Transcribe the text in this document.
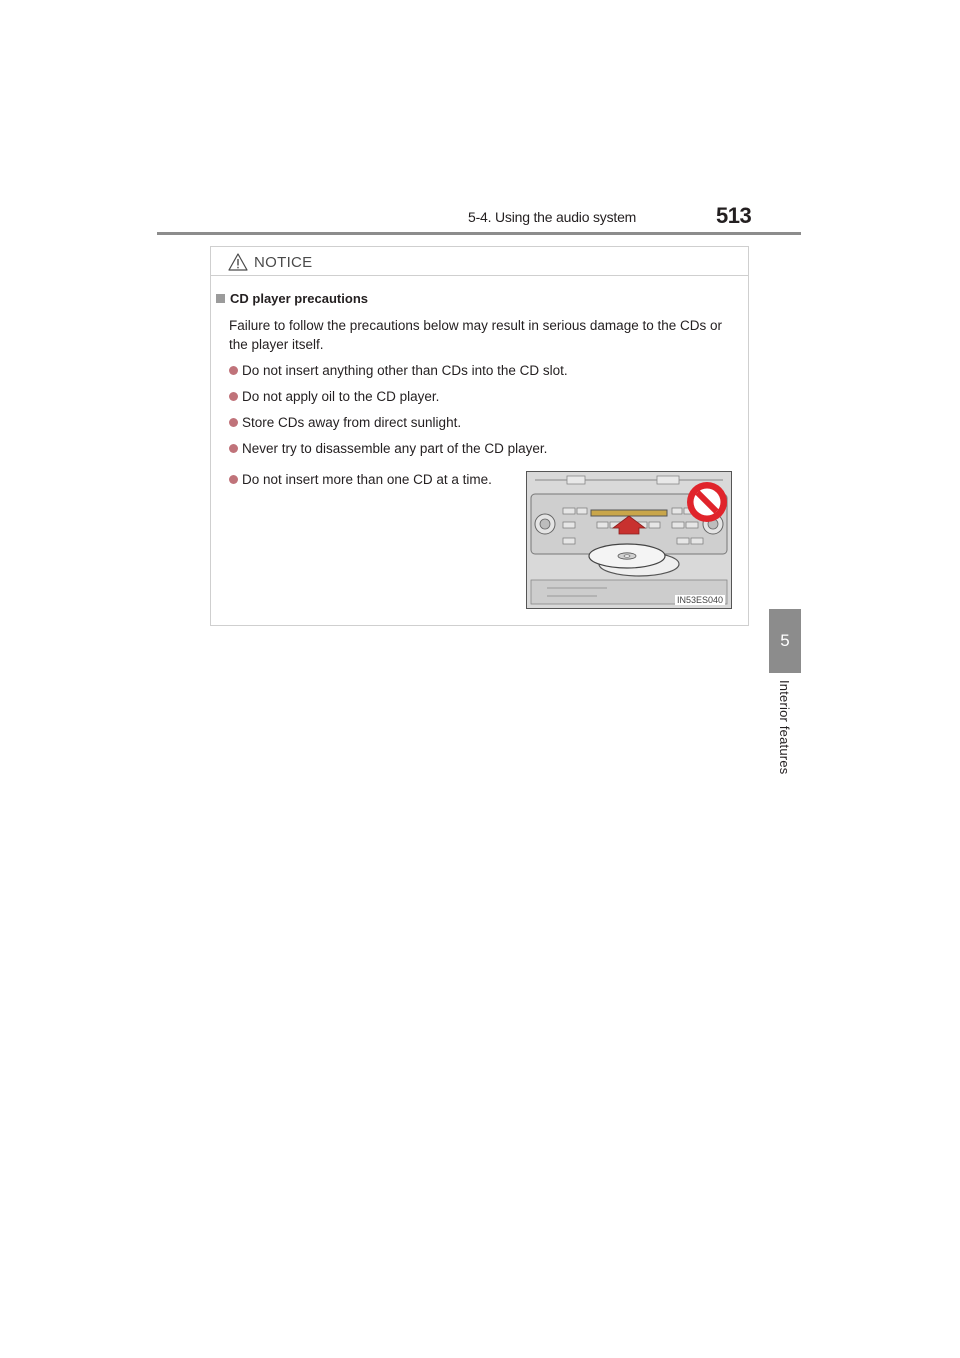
5-4. Using the audio system	513
5
Interior features
NOTICE
CD player precautions
Failure to follow the precautions below may result in serious damage to the CDs or the player itself.
Do not insert anything other than CDs into the CD slot.
Do not apply oil to the CD player.
Store CDs away from direct sunlight.
Never try to disassemble any part of the CD player.
Do not insert more than one CD at a time.
IN53ES040
